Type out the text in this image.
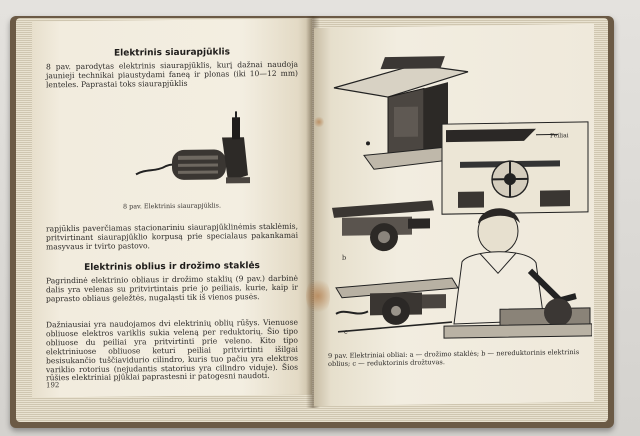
Elektrinis siaurapjūklis
8 pav. parodytas elektrinis siaurapjūklis, kurį dažnai naudoja jaunieji technikai piaustydami faneą ir plonas (iki 10—12 mm) lenteles. Paprastai toks siaurapjūklis
8 pav. Elektrinis siaurapjūklis.
rapjūklis paverčiamas stacionariniu siaurapjūklinėmis staklėmis, pritvirtinant siaurapjūklio korpusą prie specialaus pakankamai masyvaus ir tvirto pastovo.
Elektrinis oblius ir drožimo staklės
Pagrindinė elektrinio obliaus ir drožimo staklių (9 pav.) darbinė dalis yra velenas su pritvirtintais prie jo peiliais, kurie, kaip ir paprasto obliaus geležtės, nugaląsti tik iš vienos pusės.
Dažniausiai yra naudojamos dvi elektrinių oblių rūšys. Vienuose obliuose elektros variklis sukia veleną per reduktorių. Šio tipo obliuose du peiliai yra pritvirtinti prie veleno. Kito tipo elektriniuose obliuose keturi peiliai pritvirtinti išilgai besisukančio tuščiavidurio cilindro, kuris tuo pačiu yra elektros variklio rotorius (nejudantis statorius yra cilindro viduje). Šios rūšies elektriniai pjūklai paprastesni ir patogesni naudoti.
192
a
Peiliai
b
c
9 pav. Elektriniai obliai: a — drožimo staklės; b — nereduktorinis elektrinis oblius; c — reduktorinis drožtuvas.
